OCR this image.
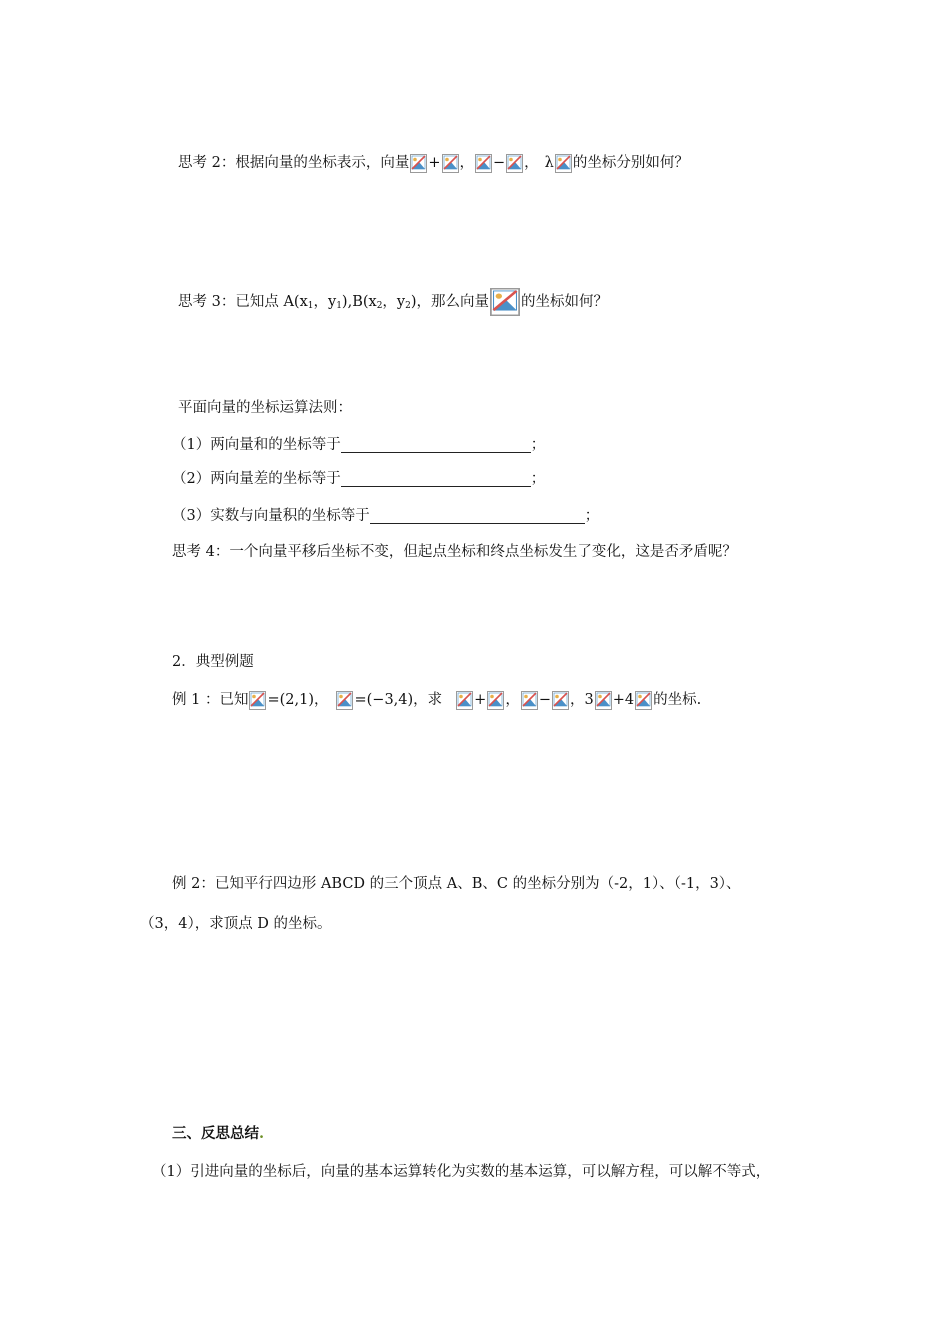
思考 2：根据向量的坐标表示，向量 + ， − ， λ 的坐标分别如何？
思考 3：已知点 $A(x_1$，$y_1),B(x_2$，$y_2$)，那么向量 的坐标如何？
平面向量的坐标运算法则：
（1）两向量和的坐标等于	；
（2）两向量差的坐标等于	；
（3）实数与向量积的坐标等于	；
思考 4：一个向量平移后坐标不变，但起点坐标和终点坐标发生了变化，这是否矛盾呢？
2．典型例题
例 1 ：已知 =(2,1)， =(−3,4)，求 + ， − ，3 +4 的坐标.
例 2：已知平行四边形 ABCD 的三个顶点 A、B、C 的坐标分别为（-2，1）、（-1，3）、
（3，4），求顶点 D 的坐标。
三、反思总结.
（1）引进向量的坐标后，向量的基本运算转化为实数的基本运算，可以解方程，可以解不等式，
